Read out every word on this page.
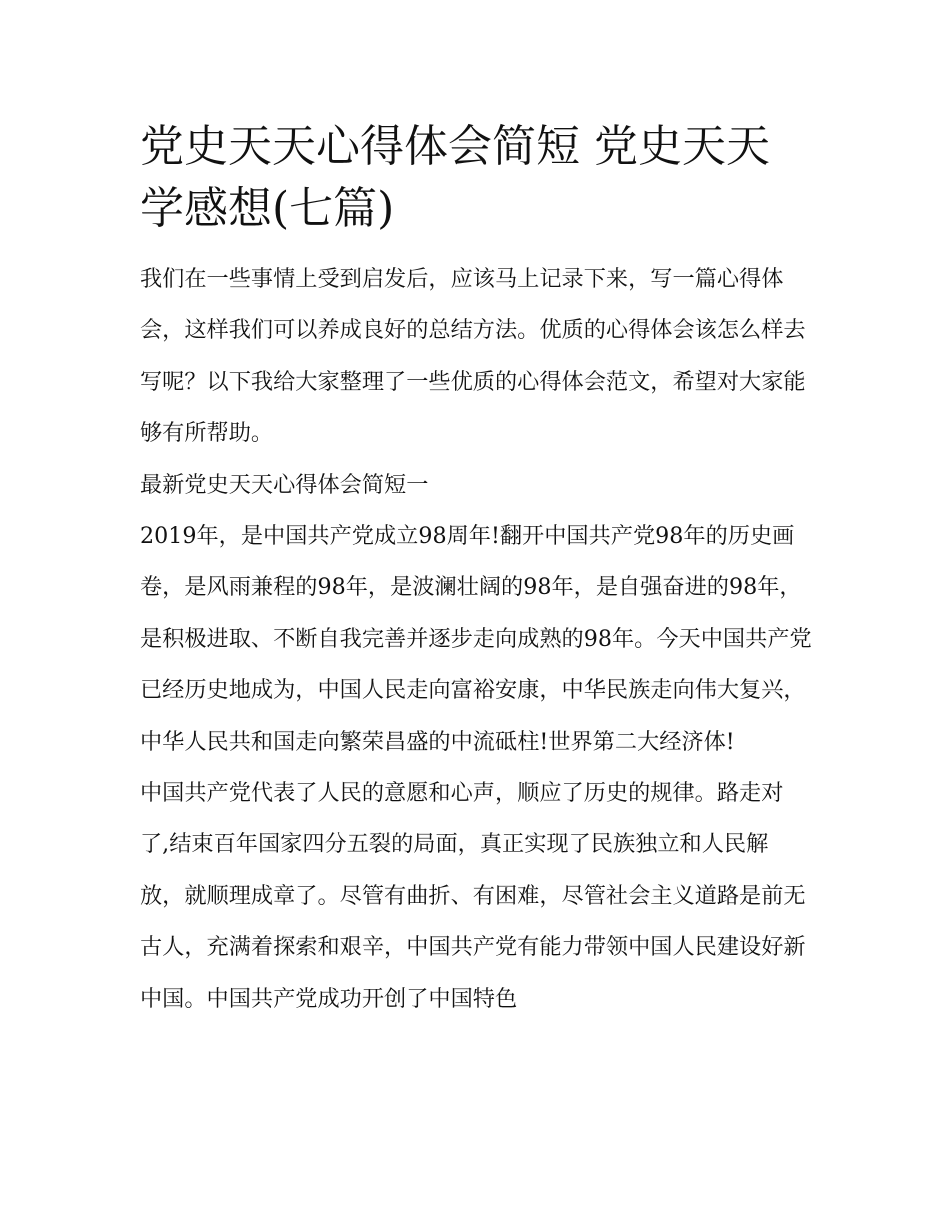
党史天天心得体会简短 党史天天学感想(七篇)

我们在一些事情上受到启发后，应该马上记录下来，写一篇心得体会，这样我们可以养成良好的总结方法。优质的心得体会该怎么样去写呢？以下我给大家整理了一些优质的心得体会范文，希望对大家能够有所帮助。

最新党史天天心得体会简短一

2019年，是中国共产党成立98周年!翻开中国共产党98年的历史画卷，是风雨兼程的98年，是波澜壮阔的98年，是自强奋进的98年，是积极进取、不断自我完善并逐步走向成熟的98年。今天中国共产党已经历史地成为，中国人民走向富裕安康，中华民族走向伟大复兴，中华人民共和国走向繁荣昌盛的中流砥柱!世界第二大经济体!

中国共产党代表了人民的意愿和心声，顺应了历史的规律。路走对了,结束百年国家四分五裂的局面，真正实现了民族独立和人民解放，就顺理成章了。尽管有曲折、有困难，尽管社会主义道路是前无古人，充满着探索和艰辛，中国共产党有能力带领中国人民建设好新中国。中国共产党成功开创了中国特色
